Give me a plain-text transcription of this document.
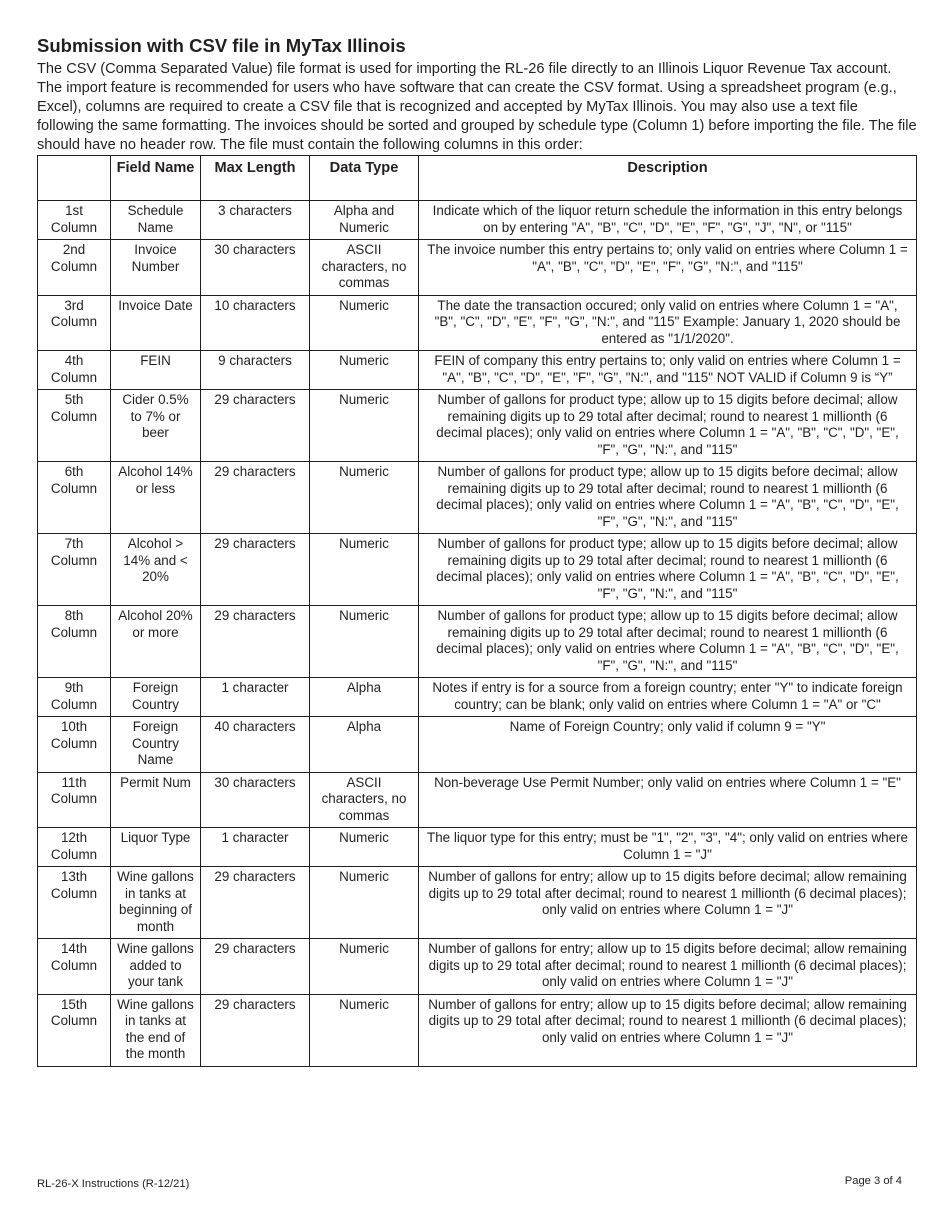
Submission with CSV file in MyTax Illinois

The CSV (Comma Separated Value) file format is used for importing the RL-26 file directly to an Illinois Liquor Revenue Tax account. The import feature is recommended for users who have software that can create the CSV format. Using a spreadsheet program (e.g., Excel), columns are required to create a CSV file that is recognized and accepted by MyTax Illinois. You may also use a text file following the same formatting. The invoices should be sorted and grouped by schedule type (Column 1) before importing the file. The file should have no header row. The file must contain the following columns in this order:

	Field Name	Max Length	Data Type	Description
1st Column	Schedule Name	3 characters	Alpha and Numeric	Indicate which of the liquor return schedule the information in this entry belongs on by entering "A", "B", "C", "D", "E", "F", "G", "J", "N", or "115"
2nd Column	Invoice Number	30 characters	ASCII characters, no commas	The invoice number this entry pertains to; only valid on entries where Column 1 = "A", "B", "C", "D", "E", "F", "G", "N:", and "115"
3rd Column	Invoice Date	10 characters	Numeric	The date the transaction occured; only valid on entries where Column 1 = "A", "B", "C", "D", "E", "F", "G", "N:", and "115" Example: January 1, 2020 should be entered as "1/1/2020".
4th Column	FEIN	9 characters	Numeric	FEIN of company this entry pertains to; only valid on entries where Column 1 = "A", "B", "C", "D", "E", "F", "G", "N:", and "115" NOT VALID if Column 9 is “Y”
5th Column	Cider 0.5% to 7% or beer	29 characters	Numeric	Number of gallons for product type; allow up to 15 digits before decimal; allow remaining digits up to 29 total after decimal; round to nearest 1 millionth (6 decimal places); only valid on entries where Column 1 = "A", "B", "C", "D", "E", "F", "G", "N:", and "115"
6th Column	Alcohol 14% or less	29 characters	Numeric	Number of gallons for product type; allow up to 15 digits before decimal; allow remaining digits up to 29 total after decimal; round to nearest 1 millionth (6 decimal places); only valid on entries where Column 1 = "A", "B", "C", "D", "E", "F", "G", "N:", and "115"
7th Column	Alcohol > 14% and < 20%	29 characters	Numeric	Number of gallons for product type; allow up to 15 digits before decimal; allow remaining digits up to 29 total after decimal; round to nearest 1 millionth (6 decimal places); only valid on entries where Column 1 = "A", "B", "C", "D", "E", "F", "G", "N:", and "115"
8th Column	Alcohol 20% or more	29 characters	Numeric	Number of gallons for product type; allow up to 15 digits before decimal; allow remaining digits up to 29 total after decimal; round to nearest 1 millionth (6 decimal places); only valid on entries where Column 1 = "A", "B", "C", "D", "E", "F", "G", "N:", and "115"
9th Column	Foreign Country	1 character	Alpha	Notes if entry is for a source from a foreign country; enter "Y" to indicate foreign country; can be blank; only valid on entries where Column 1 = "A" or "C"
10th Column	Foreign Country Name	40 characters	Alpha	Name of Foreign Country; only valid if column 9 = "Y"
11th Column	Permit Num	30 characters	ASCII characters, no commas	Non-beverage Use Permit Number; only valid on entries where Column 1 = "E"
12th Column	Liquor Type	1 character	Numeric	The liquor type for this entry; must be "1", "2", "3", "4"; only valid on entries where Column 1 = "J"
13th Column	Wine gallons in tanks at beginning of month	29 characters	Numeric	Number of gallons for entry; allow up to 15 digits before decimal; allow remaining digits up to 29 total after decimal; round to nearest 1 millionth (6 decimal places); only valid on entries where Column 1 = "J"
14th Column	Wine gallons added to your tank	29 characters	Numeric	Number of gallons for entry; allow up to 15 digits before decimal; allow remaining digits up to 29 total after decimal; round to nearest 1 millionth (6 decimal places); only valid on entries where Column 1 = "J"
15th Column	Wine gallons in tanks at the end of the month	29 characters	Numeric	Number of gallons for entry; allow up to 15 digits before decimal; allow remaining digits up to 29 total after decimal; round to nearest 1 millionth (6 decimal places); only valid on entries where Column 1 = "J"
RL-26-X Instructions (R-12/21)	Page 3 of 4
